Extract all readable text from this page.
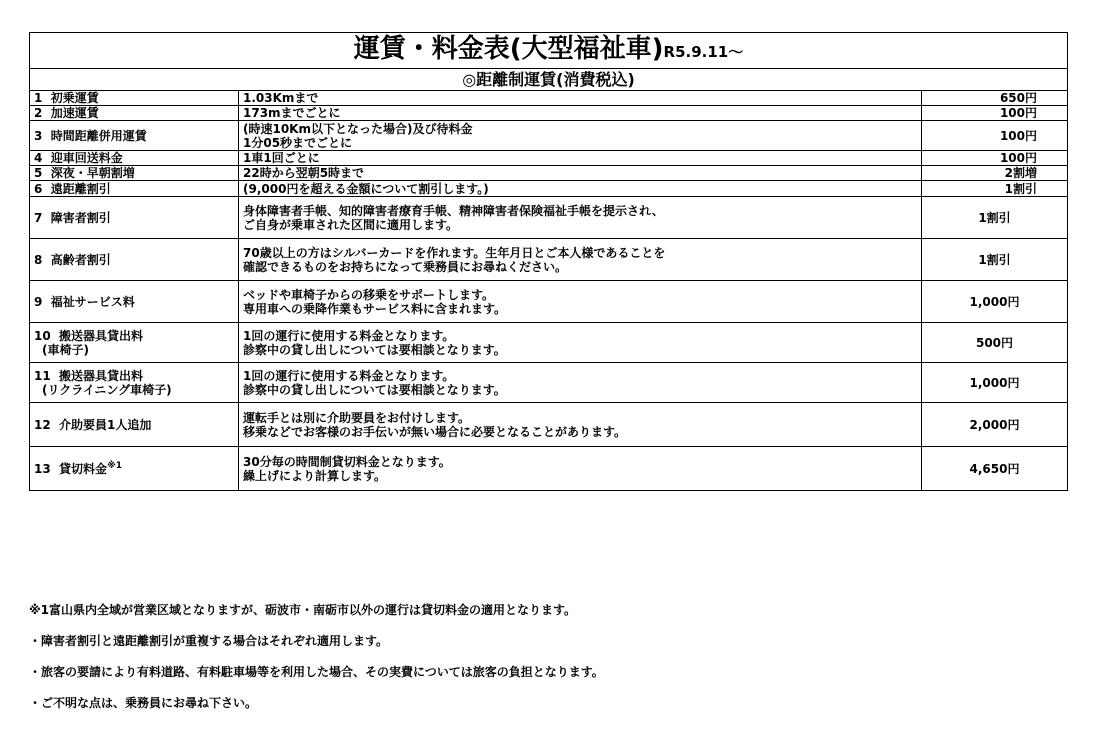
運賃・料金表(大型福祉車)R5.9.11～		
◎距離制運賃(消費税込)		

1  初乗運賃	1.03Kmまで	650円

2  加速運賃	173mまでごとに	100円

3  時間距離併用運賃	(時速10Km以下となった場合)及び待料金
1分05秒までごとに	100円

4  迎車回送料金	1車1回ごとに	100円

5  深夜・早朝割増	22時から翌朝5時まで	2割増

6  遠距離割引	(9,000円を超える金額について割引します。)	1割引

7  障害者割引	身体障害者手帳、知的障害者療育手帳、精神障害者保険福祉手帳を提示され、
ご自身が乗車された区間に適用します。	1割引

8  高齢者割引	70歳以上の方はシルバーカードを作れます。生年月日とご本人様であることを
確認できるものをお持ちになって乗務員にお尋ねください。	1割引

9  福祉サービス料	ベッドや車椅子からの移乗をサポートします。
専用車への乗降作業もサービス料に含まれます。	1,000円

10  搬送器具貸出料
(車椅子)	1回の運行に使用する料金となります。
診察中の貸し出しについては要相談となります。	500円

11  搬送器具貸出料
(リクライニング車椅子)	1回の運行に使用する料金となります。
診察中の貸し出しについては要相談となります。	1,000円

12  介助要員1人追加	運転手とは別に介助要員をお付けします。
移乗などでお客様のお手伝いが無い場合に必要となることがあります。	2,000円

13  貸切料金$^{※1}$	30分毎の時間制貸切料金となります。
繰上げにより計算します。	4,650円
※1富山県内全域が営業区域となりますが、砺波市・南砺市以外の運行は貸切料金の適用となります。
・障害者割引と遠距離割引が重複する場合はそれぞれ適用します。
・旅客の要請により有料道路、有料駐車場等を利用した場合、その実費については旅客の負担となります。
・ご不明な点は、乗務員にお尋ね下さい。
